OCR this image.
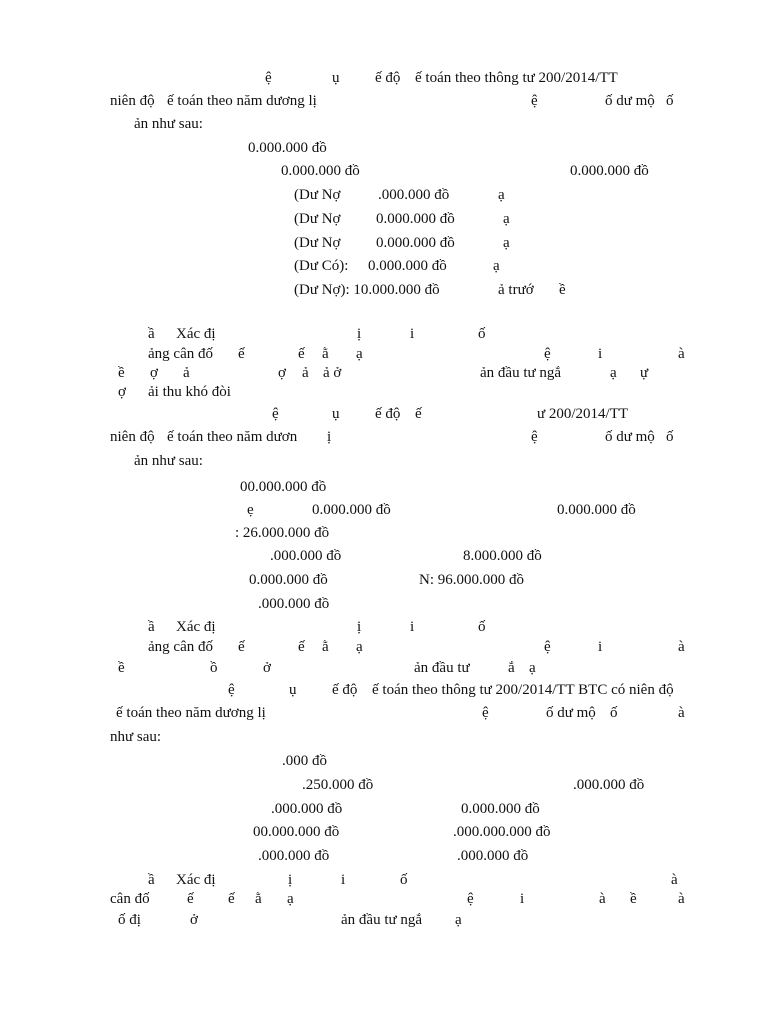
ệ	ụ ế độ ế toán theo thông tư 200/2014/TT
niên độ ế toán theo năm dương lị	ệ	ố dư mộ ố
ản như sau:
0.000.000 đồ
0.000.000 đồ	0.000.000 đồ
(Dư Nợ	.000.000 đồ	ạ
(Dư Nợ 0.000.000 đồ	ạ
(Dư Nợ 0.000.000 đồ	ạ
(Dư Có): 0.000.000 đồ	ạ
(Dư Nợ): 10.000.000 đồ	ả trướ ề
ầ Xác đị	ị	i	ố
ảng cân đố ế	ế ằ ạ	ệ	i	à
ề ợ ả	ợ ả ả ở	ản đầu tư ngắ	ạ ự
ợ ải thu khó đòi
ệ	ụ ế độ ế	ư 200/2014/TT
niên độ ế toán theo năm dươn ị	ệ	ố dư mộ ố
ản như sau:
00.000.000 đồ
ẹ	0.000.000 đồ	0.000.000 đồ
: 26.000.000 đồ
.000.000 đồ	8.000.000 đồ
0.000.000 đồ	N: 96.000.000 đồ
.000.000 đồ
ầ Xác đị	ị	i	ố
ảng cân đố ế	ế ằ ạ	ệ	i	à
ề	ồ	ở	ản đầu tư	ắ ạ
ệ	ụ ế độ ế toán theo thông tư 200/2014/TT BTC có niên độ
ế toán theo năm dương lị	ệ	ố dư mộ ố	à
như sau:
.000 đồ
.250.000 đồ	.000.000 đồ
.000.000 đồ	0.000.000 đồ
00.000.000 đồ	.000.000.000 đồ
.000.000 đồ	.000.000 đồ
ầ Xác đị	ị	i	ố	à
cân đố ế ế ằ ạ	ệ	i	à ề	à
ố đị	ở	ản đầu tư ngắ ạ
